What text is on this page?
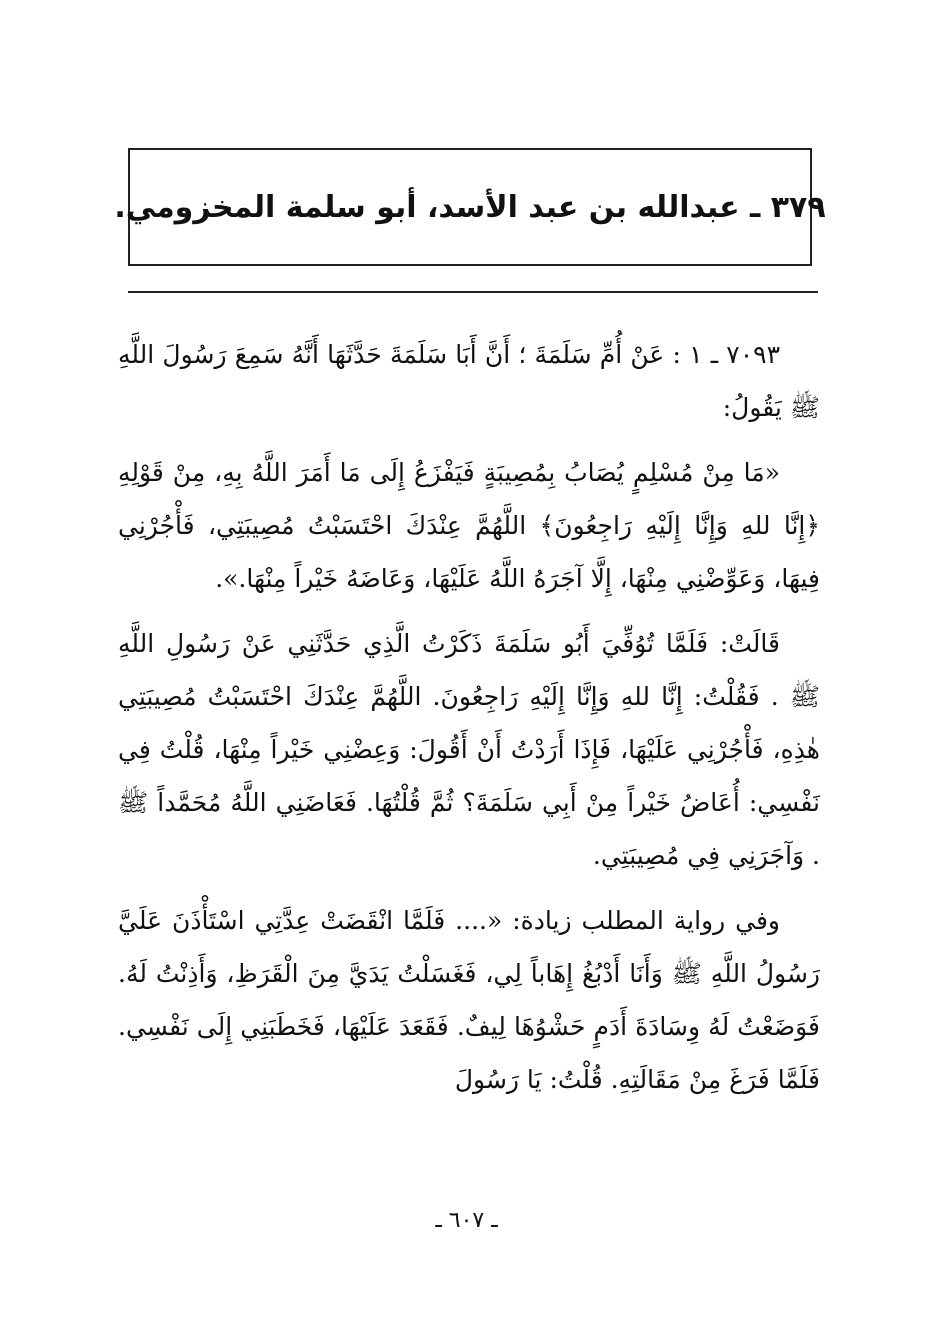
٣٧٩ ـ عبدالله بن عبد الأسد، أبو سلمة المخزومي.

٧٠٩٣ ـ ١ : عَنْ أُمِّ سَلَمَةَ ؛ أَنَّ أَبَا سَلَمَةَ حَدَّثَهَا أَنَّهُ سَمِعَ رَسُولَ اللَّهِ ﷺ يَقُولُ:

«مَا مِنْ مُسْلِمٍ يُصَابُ بِمُصِيبَةٍ فَيَفْزَعُ إِلَى مَا أَمَرَ اللَّهُ بِهِ، مِنْ قَوْلِهِ ﴿إِنَّا للهِ وَإِنَّا إِلَيْهِ رَاجِعُونَ﴾ اللَّهُمَّ عِنْدَكَ احْتَسَبْتُ مُصِيبَتِي، فَأْجُرْنِي فِيهَا، وَعَوِّضْنِي مِنْهَا، إِلَّا آجَرَهُ اللَّهُ عَلَيْهَا، وَعَاضَهُ خَيْراً مِنْهَا.».

قَالَتْ: فَلَمَّا تُوُفِّيَ أَبُو سَلَمَةَ ذَكَرْتُ الَّذِي حَدَّثَنِي عَنْ رَسُولِ اللَّهِ ﷺ . فَقُلْتُ: إِنَّا للهِ وَإِنَّا إِلَيْهِ رَاجِعُونَ. اللَّهُمَّ عِنْدَكَ احْتَسَبْتُ مُصِيبَتِي هٰذِهِ، فَأْجُرْنِي عَلَيْهَا، فَإِذَا أَرَدْتُ أَنْ أَقُولَ: وَعِضْنِي خَيْراً مِنْهَا، قُلْتُ فِي نَفْسِي: أُعَاضُ خَيْراً مِنْ أَبِي سَلَمَةَ؟ ثُمَّ قُلْتُهَا. فَعَاضَنِي اللَّهُ مُحَمَّداً ﷺ . وَآجَرَنِي فِي مُصِيبَتِي.

وفي رواية المطلب زيادة: «.... فَلَمَّا انْقَضَتْ عِدَّتِي اسْتَأْذَنَ عَلَيَّ رَسُولُ اللَّهِ ﷺ وَأَنَا أَدْبُغُ إِهَاباً لِي، فَغَسَلْتُ يَدَيَّ مِنَ الْقَرَظِ، وَأَذِنْتُ لَهُ. فَوَضَعْتُ لَهُ وِسَادَةَ أَدَمٍ حَشْوُهَا لِيفٌ. فَقَعَدَ عَلَيْهَا، فَخَطَبَنِي إِلَى نَفْسِي. فَلَمَّا فَرَغَ مِنْ مَقَالَتِهِ. قُلْتُ: يَا رَسُولَ

ـ ٦٠٧ ـ
